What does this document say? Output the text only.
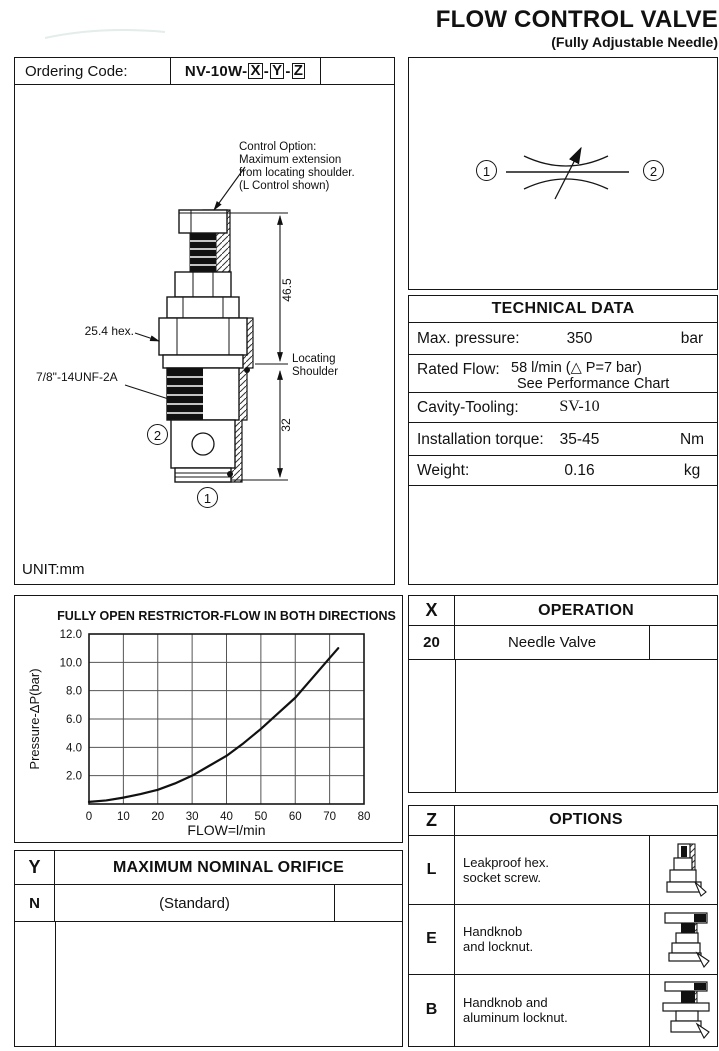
FLOW CONTROL VALVE
(Fully Adjustable Needle)
Ordering Code:	NV-10W- X - Y - Z
Control Option:
Maximum extension
from locating shoulder.
(L Control shown)
25.4 hex.
7/8"-14UNF-2A
Locating
Shoulder
46.5
32
2
1
UNIT:mm
1	2
TECHNICAL DATA
Max. pressure:	350	bar
Rated Flow: 58 l/min (△ P=7 bar)
See Performance Chart
Cavity-Tooling:	SV-10
Installation torque:	35-45	Nm
Weight:	0.16	kg
0 10 20 30 40 50 60 70 80
2.0
4.0
6.0
8.0
10.0
12.0
FULLY OPEN RESTRICTOR-FLOW IN BOTH DIRECTIONS
FLOW=l/min
Pressure-ΔP(bar)
X	OPERATION
20	Needle Valve
Z	OPTIONS
L	Leakproof hex.
socket screw.
E	Handknob
and locknut.
B	Handknob and
aluminum locknut.
Y	MAXIMUM NOMINAL ORIFICE
N	(Standard)
